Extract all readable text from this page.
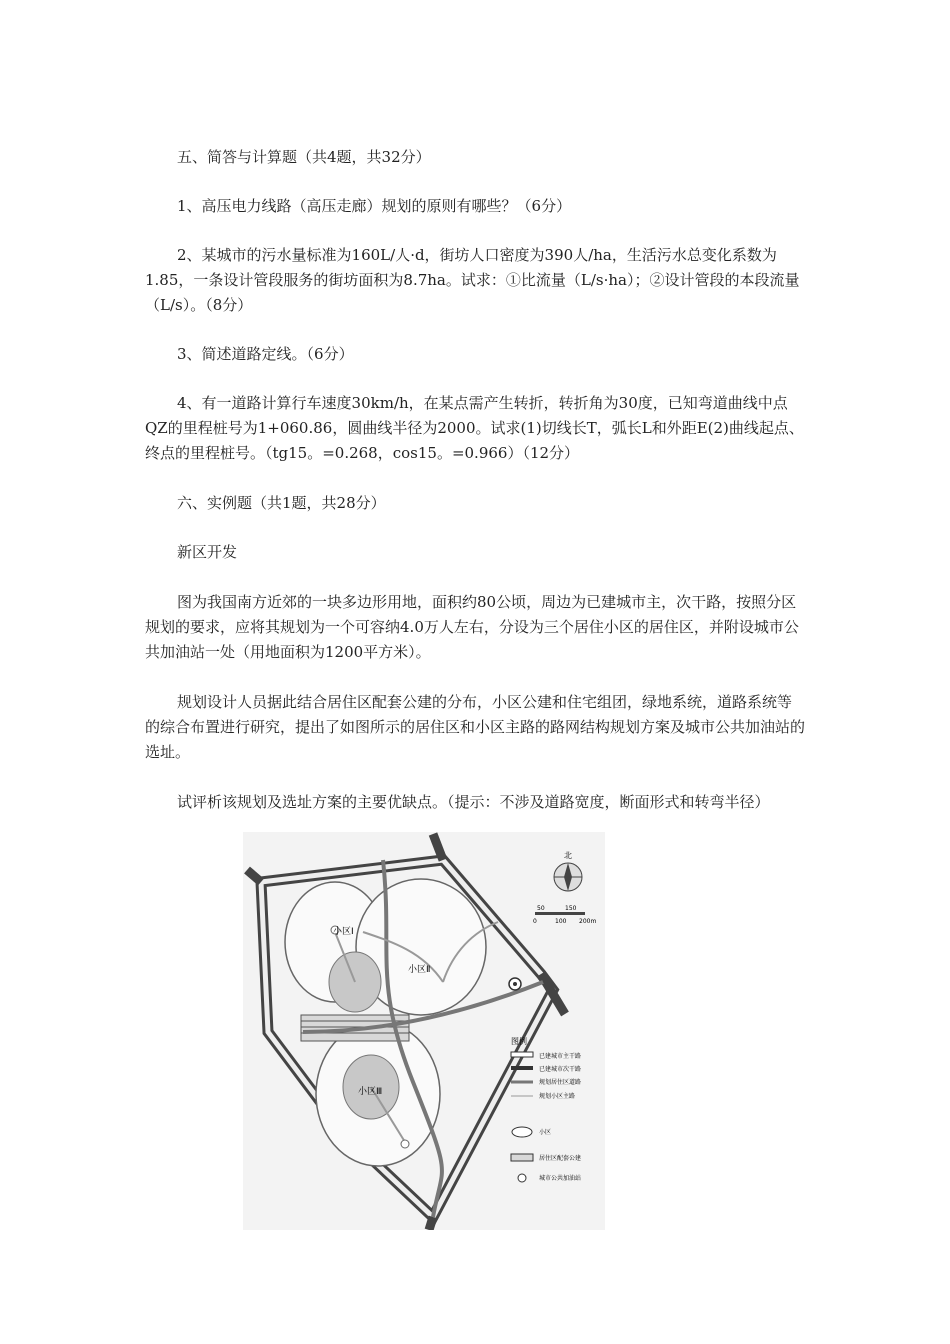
五、简答与计算题（共4题，共32分）

1、高压电力线路（高压走廊）规划的原则有哪些？（6分）

2、某城市的污水量标准为160L/人·d，街坊人口密度为390人/ha，生活污水总变化系数为1.85，一条设计管段服务的街坊面积为8.7ha。试求：①比流量（L/s·ha）；②设计管段的本段流量（L/s）。（8分）

3、简述道路定线。（6分）

4、有一道路计算行车速度30km/h，在某点需产生转折，转折角为30度，已知弯道曲线中点QZ的里程桩号为1+060.86，圆曲线半径为2000。试求(1)切线长T，弧长L和外距E(2)曲线起点、终点的里程桩号。（tg15。=0.268，cos15。=0.966）（12分）

六、实例题（共1题，共28分）

新区开发

图为我国南方近郊的一块多边形用地，面积约80公顷，周边为已建城市主，次干路，按照分区规划的要求，应将其规划为一个可容纳4.0万人左右，分设为三个居住小区的居住区，并附设城市公共加油站一处（用地面积为1200平方米）。

规划设计人员据此结合居住区配套公建的分布，小区公建和住宅组团，绿地系统，道路系统等的综合布置进行研究，提出了如图所示的居住区和小区主路的路网结构规划方案及城市公共加油站的选址。

试评析该规划及选址方案的主要优缺点。（提示：不涉及道路宽度，断面形式和转弯半径）

小区Ⅰ
小区Ⅱ
小区Ⅲ
北
50	150
0	100 200m
图例
已建城市主干路
已建城市次干路
规划居住区道路
规划小区主路
小区
居住区配套公建
城市公共加油站
